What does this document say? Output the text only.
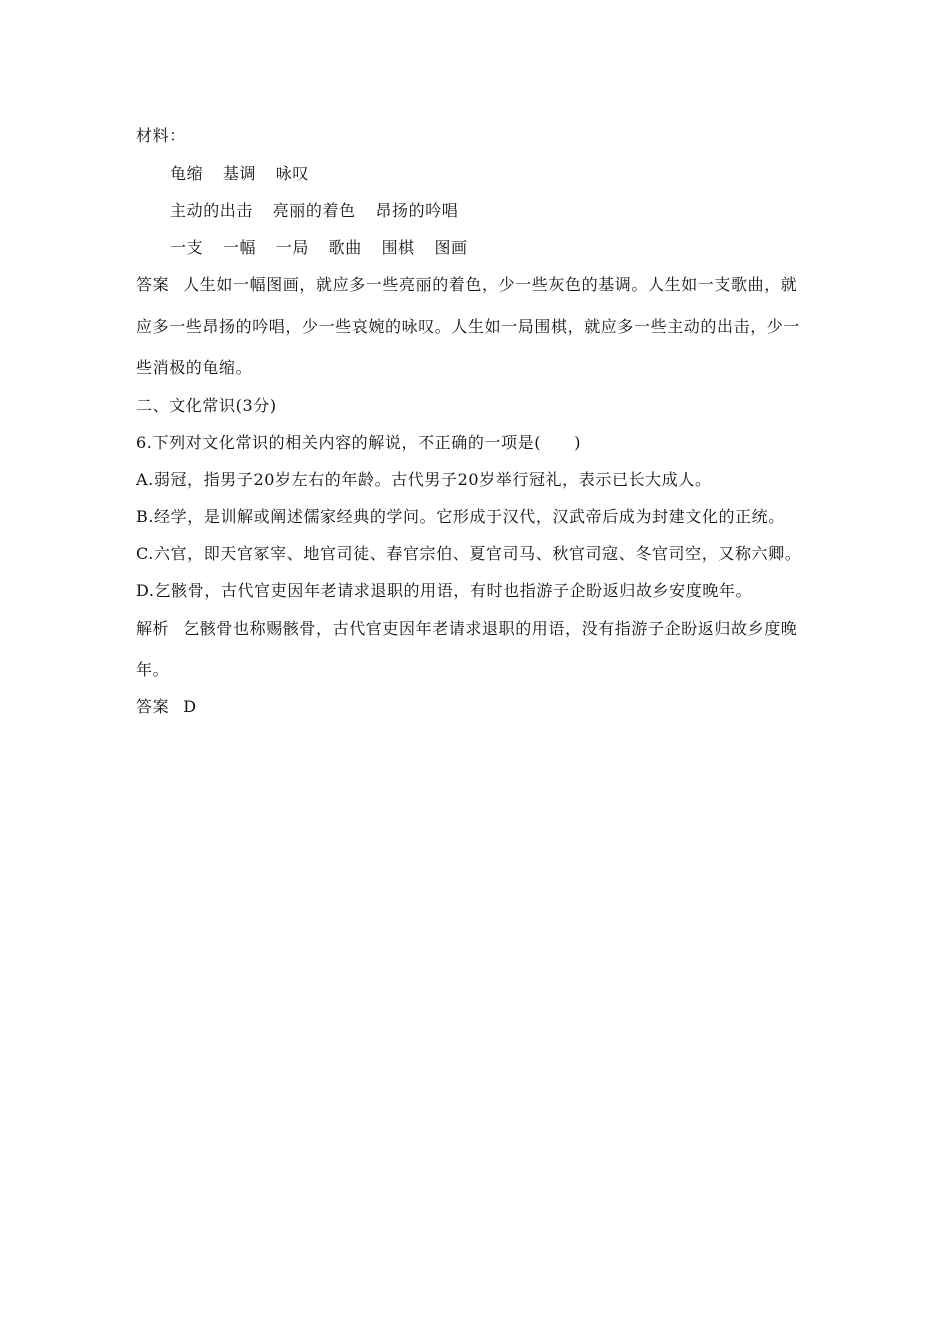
材料：
龟缩 基调 咏叹
主动的出击 亮丽的着色 昂扬的吟唱
一支 一幅 一局 歌曲 围棋 图画
答案 人生如一幅图画，就应多一些亮丽的着色，少一些灰色的基调。人生如一支歌曲，就
应多一些昂扬的吟唱，少一些哀婉的咏叹。人生如一局围棋，就应多一些主动的出击，少一
些消极的龟缩。
二、文化常识(3分)
6.下列对文化常识的相关内容的解说，不正确的一项是(　　)
A.弱冠，指男子20岁左右的年龄。古代男子20岁举行冠礼，表示已长大成人。
B.经学，是训解或阐述儒家经典的学问。它形成于汉代，汉武帝后成为封建文化的正统。
C.六官，即天官冢宰、地官司徒、春官宗伯、夏官司马、秋官司寇、冬官司空，又称六卿。
D.乞骸骨，古代官吏因年老请求退职的用语，有时也指游子企盼返归故乡安度晚年。
解析 乞骸骨也称赐骸骨，古代官吏因年老请求退职的用语，没有指游子企盼返归故乡度晚
年。
答案 D
